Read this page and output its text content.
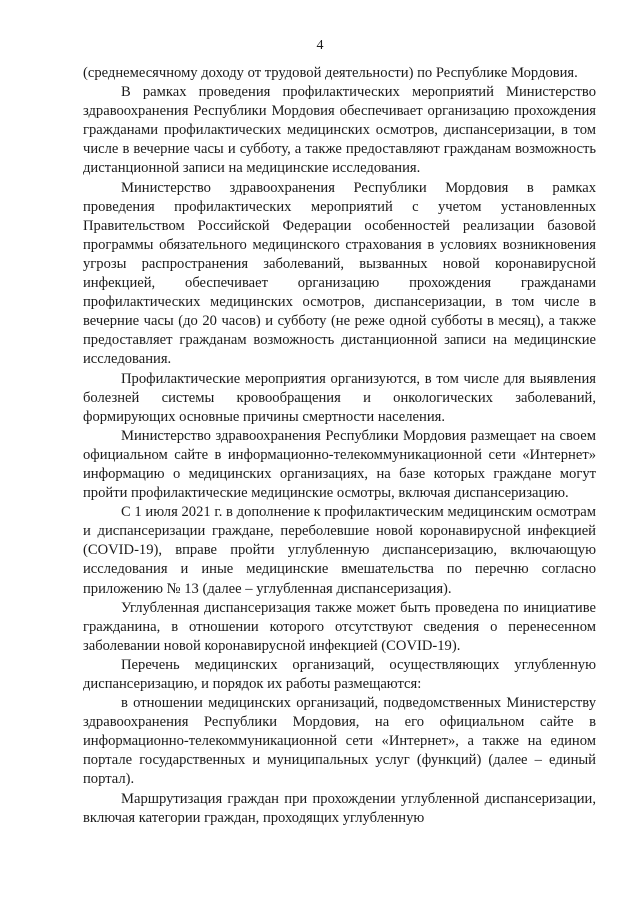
4

(среднемесячному доходу от трудовой деятельности) по Республике Мордовия.

В рамках проведения профилактических мероприятий Министерство здравоохранения Республики Мордовия обеспечивает организацию прохождения гражданами профилактических медицинских осмотров, диспансеризации, в том числе в вечерние часы и субботу, а также предоставляют гражданам возможность дистанционной записи на медицинские исследования.

Министерство здравоохранения Республики Мордовия в рамках проведения профилактических мероприятий с учетом установленных Правительством Российской Федерации особенностей реализации базовой программы обязательного медицинского страхования в условиях возникновения угрозы распространения заболеваний, вызванных новой коронавирусной инфекцией, обеспечивает организацию прохождения гражданами профилактических медицинских осмотров, диспансеризации, в том числе в вечерние часы (до 20 часов) и субботу (не реже одной субботы в месяц), а также предоставляет гражданам возможность дистанционной записи на медицинские исследования.

Профилактические мероприятия организуются, в том числе для выявления болезней системы кровообращения и онкологических заболеваний, формирующих основные причины смертности населения.

Министерство здравоохранения Республики Мордовия размещает на своем официальном сайте в информационно-телекоммуникационной сети «Интернет» информацию о медицинских организациях, на базе которых граждане могут пройти профилактические медицинские осмотры, включая диспансеризацию.

С 1 июля 2021 г. в дополнение к профилактическим медицинским осмотрам и диспансеризации граждане, переболевшие новой коронавирусной инфекцией (COVID-19), вправе пройти углубленную диспансеризацию, включающую исследования и иные медицинские вмешательства по перечню согласно приложению № 13 (далее – углубленная диспансеризация).

Углубленная диспансеризация также может быть проведена по инициативе гражданина, в отношении которого отсутствуют сведения о перенесенном заболевании новой коронавирусной инфекцией (COVID-19).

Перечень медицинских организаций, осуществляющих углубленную диспансеризацию, и порядок их работы размещаются:

в отношении медицинских организаций, подведомственных Министерству здравоохранения Республики Мордовия, на его официальном сайте в информационно-телекоммуникационной сети «Интернет», а также на едином портале государственных и муниципальных услуг (функций) (далее – единый портал).

Маршрутизация граждан при прохождении углубленной диспансеризации, включая категории граждан, проходящих углубленную
